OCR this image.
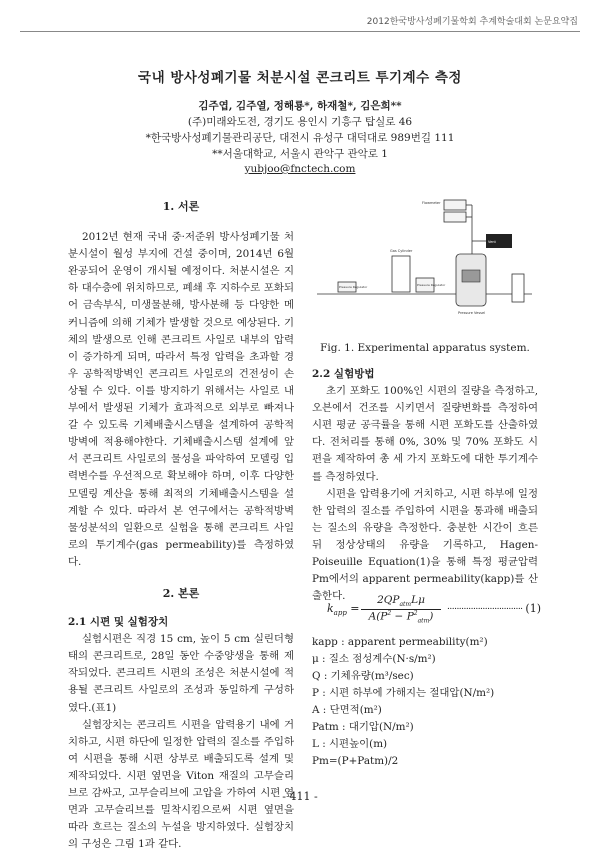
2012한국방사성폐기물학회 추계학술대회 논문요약집
국내 방사성폐기물 처분시설 콘크리트 투기계수 측정
김주엽, 김주열, 정해룡*, 하재철*, 김은희**
(주)미래와도전, 경기도 용인시 기흥구 탑실로 46
*한국방사성폐기물관리공단, 대전시 유성구 대덕대로 989번길 111
**서울대학교, 서울시 관악구 관악로 1
yubjoo@fnctech.com
1. 서론

2012년 현재 국내 중·저준위 방사성폐기물 처분시설이 월성 부지에 건설 중이며, 2014년 6월 완공되어 운영이 개시될 예정이다. 처분시설은 지하 대수층에 위치하므로, 폐쇄 후 지하수로 포화되어 금속부식, 미생물분해, 방사분해 등 다양한 메커니즘에 의해 기체가 발생할 것으로 예상된다. 기체의 발생으로 인해 콘크리트 사일로 내부의 압력이 증가하게 되며, 따라서 특정 압력을 초과할 경우 공학적방벽인 콘크리트 사일로의 건전성이 손상될 수 있다. 이를 방지하기 위해서는 사일로 내부에서 발생된 기체가 효과적으로 외부로 빠져나갈 수 있도록 기체배출시스템을 설계하여 공학적방벽에 적용해야한다. 기체배출시스템 설계에 앞서 콘크리트 사일로의 물성을 파악하여 모델링 입력변수를 우선적으로 확보해야 하며, 이후 다양한 모델링 계산을 통해 최적의 기체배출시스템을 설계할 수 있다. 따라서 본 연구에서는 공학적방벽 물성분석의 일환으로 실험을 통해 콘크리트 사일로의 투기계수(gas permeability)를 측정하였다.

2. 본론
2.1 시편 및 실험장치

실험시편은 직경 15 cm, 높이 5 cm 실린더형태의 콘크리트로, 28일 동안 수중양생을 통해 제작되었다. 콘크리트 시편의 조성은 처분시설에 적용될 콘크리트 사일로의 조성과 동일하게 구성하였다.(표1)

실험장치는 콘크리트 시편을 압력용기 내에 거치하고, 시편 하단에 일정한 압력의 질소를 주입하여 시편을 통해 시편 상부로 배출되도록 설계 및 제작되었다. 시편 옆면을 Viton 재질의 고무슬리브로 감싸고, 고무슬리브에 고압을 가하여 시편 옆면과 고무슬리브를 밀착시킴으로써 시편 옆면을 따라 흐르는 질소의 누설을 방지하였다. 실험장치의 구성은 그림 1과 같다.

Flowmeter
Vent
Pressure Regulator
Gas Cylinder
Pressure Regulator
Pressure Vessel
Fig. 1. Experimental apparatus system.
2.2 실험방법

초기 포화도 100%인 시편의 질량을 측정하고, 오븐에서 건조를 시키면서 질량변화를 측정하여 시편 평균 공극률을 통해 시편 포화도를 산출하였다. 전처리를 통해 0%, 30% 및 70% 포화도 시편을 제작하여 총 세 가지 포화도에 대한 투기계수를 측정하였다.

시편을 압력용기에 거치하고, 시편 하부에 일정한 압력의 질소를 주입하여 시편을 통과해 배출되는 질소의 유량을 측정한다. 충분한 시간이 흐른 뒤 정상상태의 유량을 기록하고, Hagen-Poiseuille Equation(1)을 통해 특정 평균압력 Pm에서의 apparent permeability(kapp)를 산출한다.

$k_{app}$ =
$2QP_{atm}L\mu$
$A(P^2 - P^2_{atm})$
................................ (1)
kapp : apparent permeability(m²)
μ : 질소 점성계수(N·s/m²)
Q : 기체유량(m³/sec)
P : 시편 하부에 가해지는 절대압(N/m²)
A : 단면적(m²)
Patm : 대기압(N/m²)
L : 시편높이(m)
Pm=(P+Patm)/2
- 411 -
